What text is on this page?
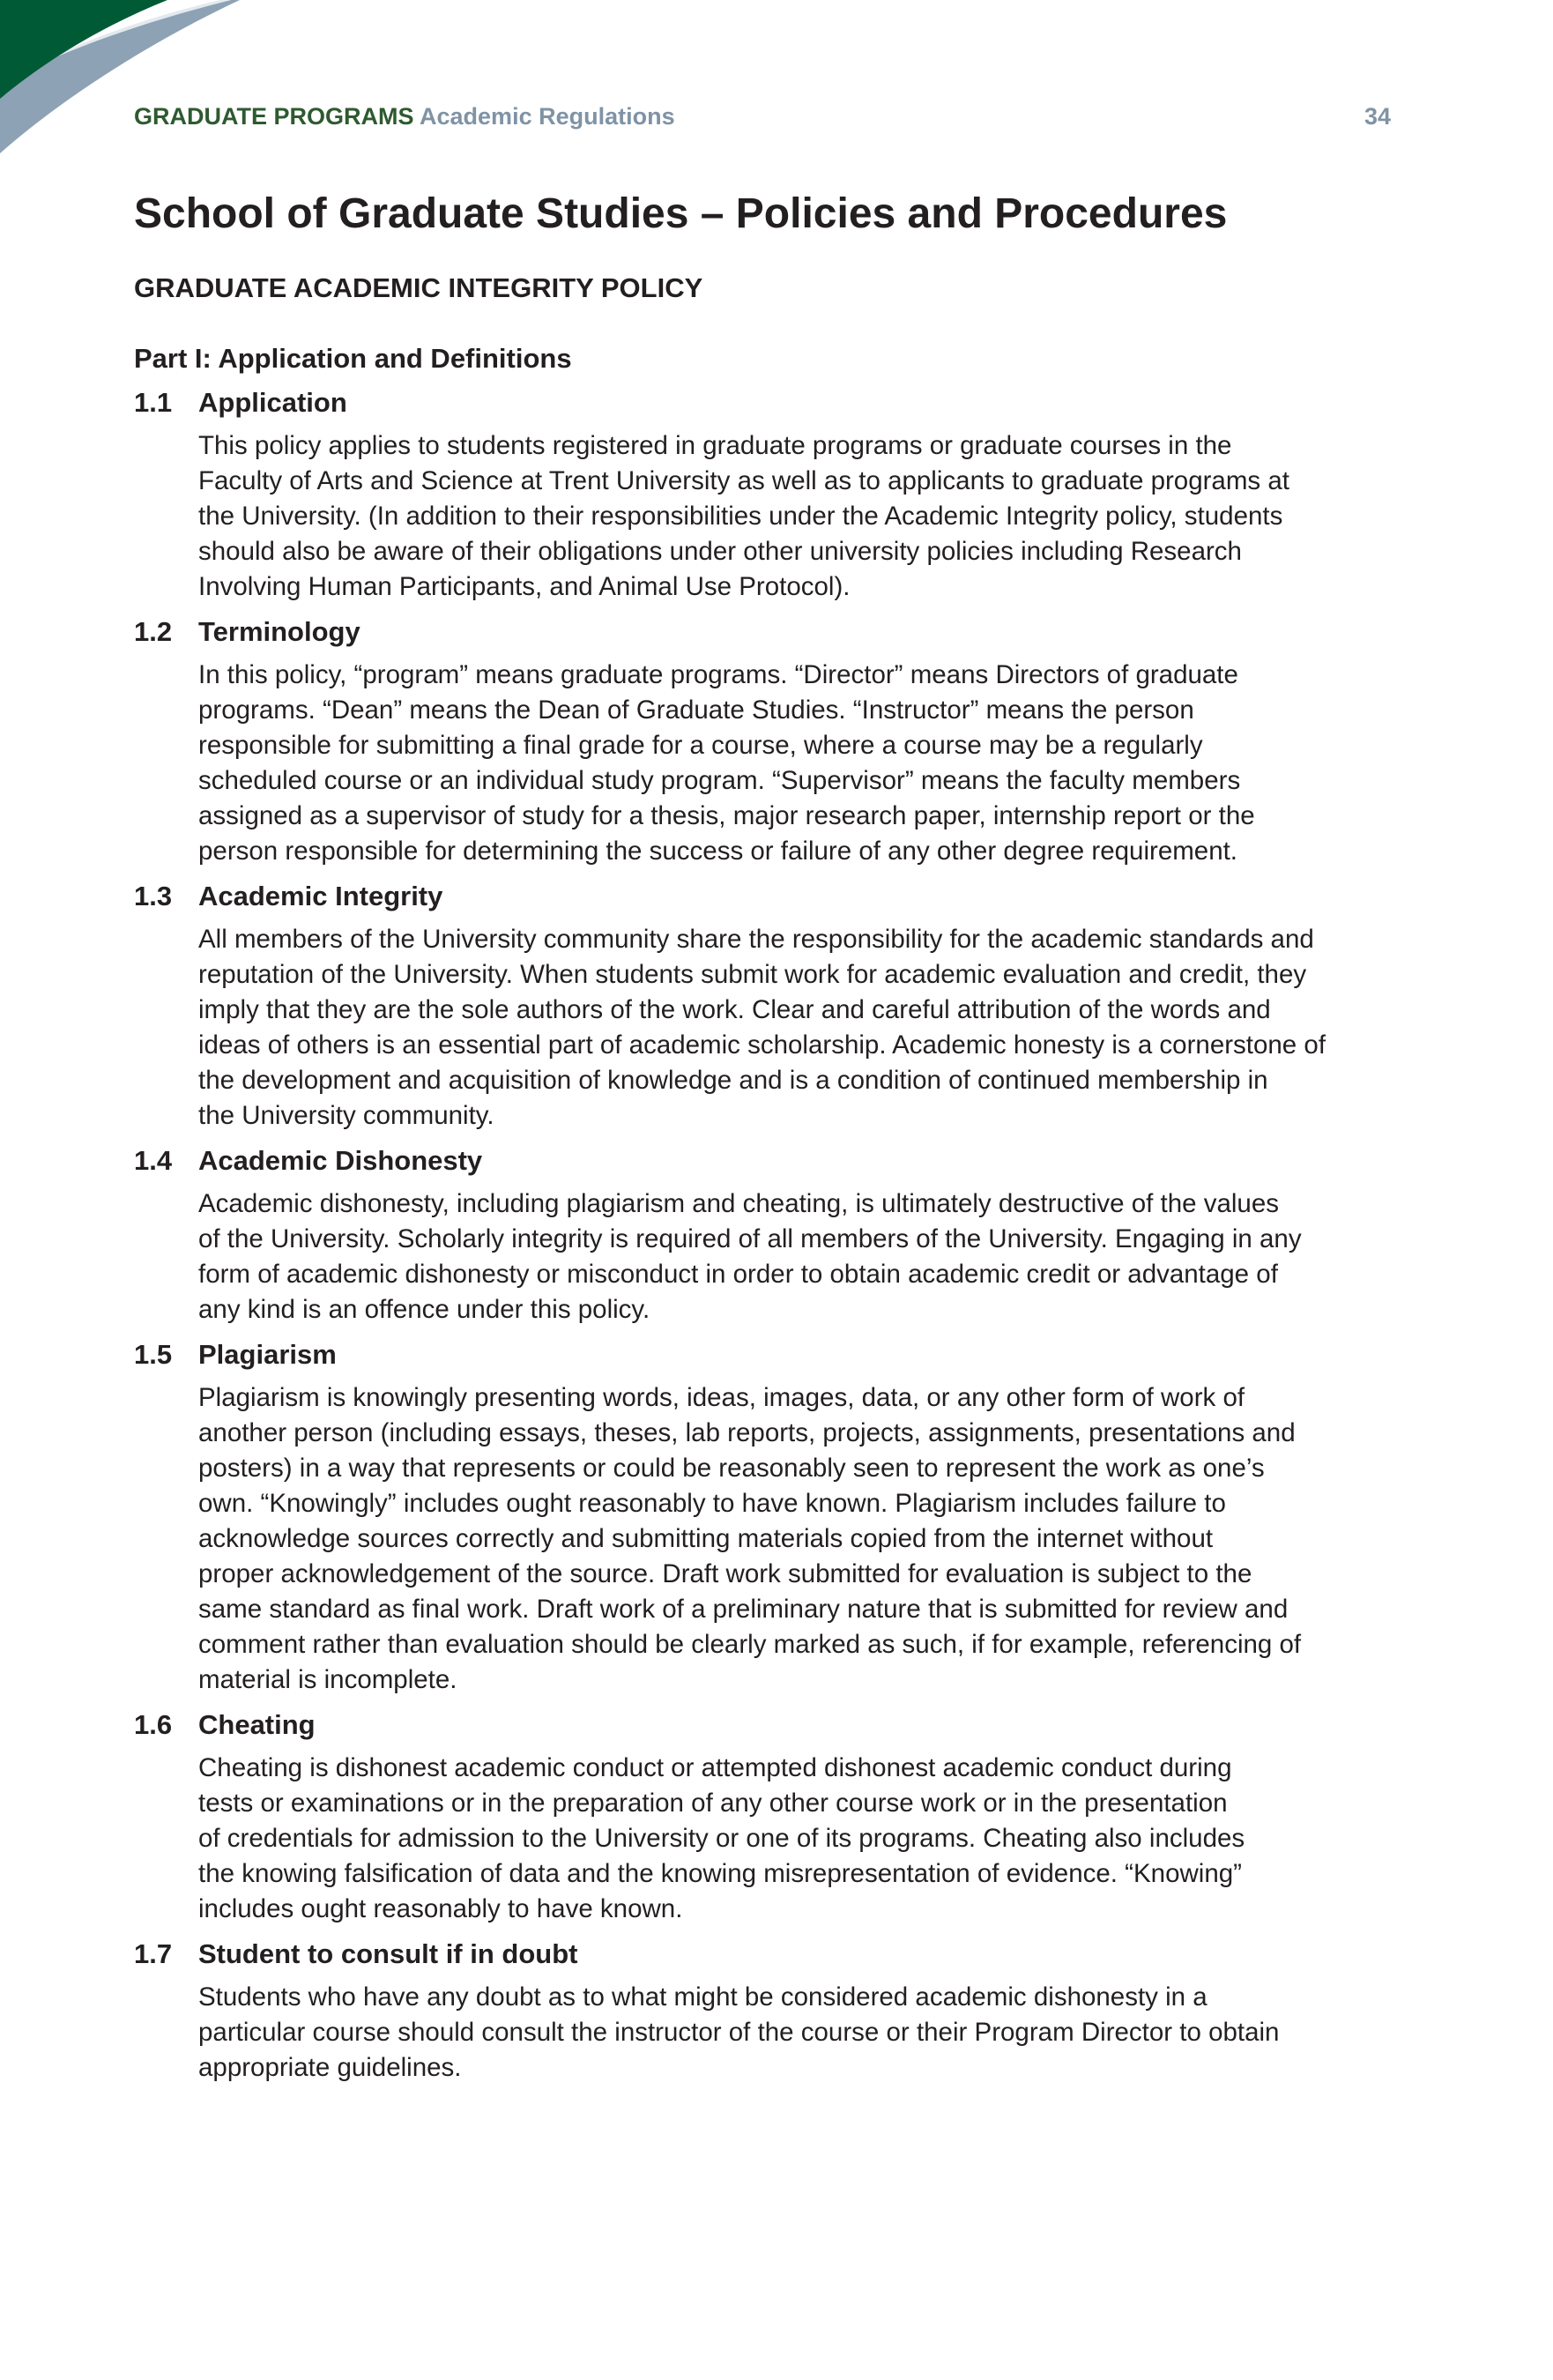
GRADUATE PROGRAMS Academic Regulations	34
School of Graduate Studies – Policies and Procedures
GRADUATE ACADEMIC INTEGRITY POLICY
Part I: Application and Definitions
1.1 Application
This policy applies to students registered in graduate programs or graduate courses in the
Faculty of Arts and Science at Trent University as well as to applicants to graduate programs at
the University. (In addition to their responsibilities under the Academic Integrity policy, students
should also be aware of their obligations under other university policies including Research
Involving Human Participants, and Animal Use Protocol).
1.2 Terminology
In this policy, “program” means graduate programs. “Director” means Directors of graduate
programs. “Dean” means the Dean of Graduate Studies. “Instructor” means the person
responsible for submitting a final grade for a course, where a course may be a regularly
scheduled course or an individual study program. “Supervisor” means the faculty members
assigned as a supervisor of study for a thesis, major research paper, internship report or the
person responsible for determining the success or failure of any other degree requirement.
1.3 Academic Integrity
All members of the University community share the responsibility for the academic standards and
reputation of the University. When students submit work for academic evaluation and credit, they
imply that they are the sole authors of the work. Clear and careful attribution of the words and
ideas of others is an essential part of academic scholarship. Academic honesty is a cornerstone of
the development and acquisition of knowledge and is a condition of continued membership in
the University community.
1.4 Academic Dishonesty
Academic dishonesty, including plagiarism and cheating, is ultimately destructive of the values
of the University. Scholarly integrity is required of all members of the University. Engaging in any
form of academic dishonesty or misconduct in order to obtain academic credit or advantage of
any kind is an offence under this policy.
1.5 Plagiarism
Plagiarism is knowingly presenting words, ideas, images, data, or any other form of work of
another person (including essays, theses, lab reports, projects, assignments, presentations and
posters) in a way that represents or could be reasonably seen to represent the work as one’s
own. “Knowingly” includes ought reasonably to have known. Plagiarism includes failure to
acknowledge sources correctly and submitting materials copied from the internet without
proper acknowledgement of the source. Draft work submitted for evaluation is subject to the
same standard as final work. Draft work of a preliminary nature that is submitted for review and
comment rather than evaluation should be clearly marked as such, if for example, referencing of
material is incomplete.
1.6 Cheating
Cheating is dishonest academic conduct or attempted dishonest academic conduct during
tests or examinations or in the preparation of any other course work or in the presentation
of credentials for admission to the University or one of its programs. Cheating also includes
the knowing falsification of data and the knowing misrepresentation of evidence. “Knowing”
includes ought reasonably to have known.
1.7 Student to consult if in doubt
Students who have any doubt as to what might be considered academic dishonesty in a
particular course should consult the instructor of the course or their Program Director to obtain
appropriate guidelines.
